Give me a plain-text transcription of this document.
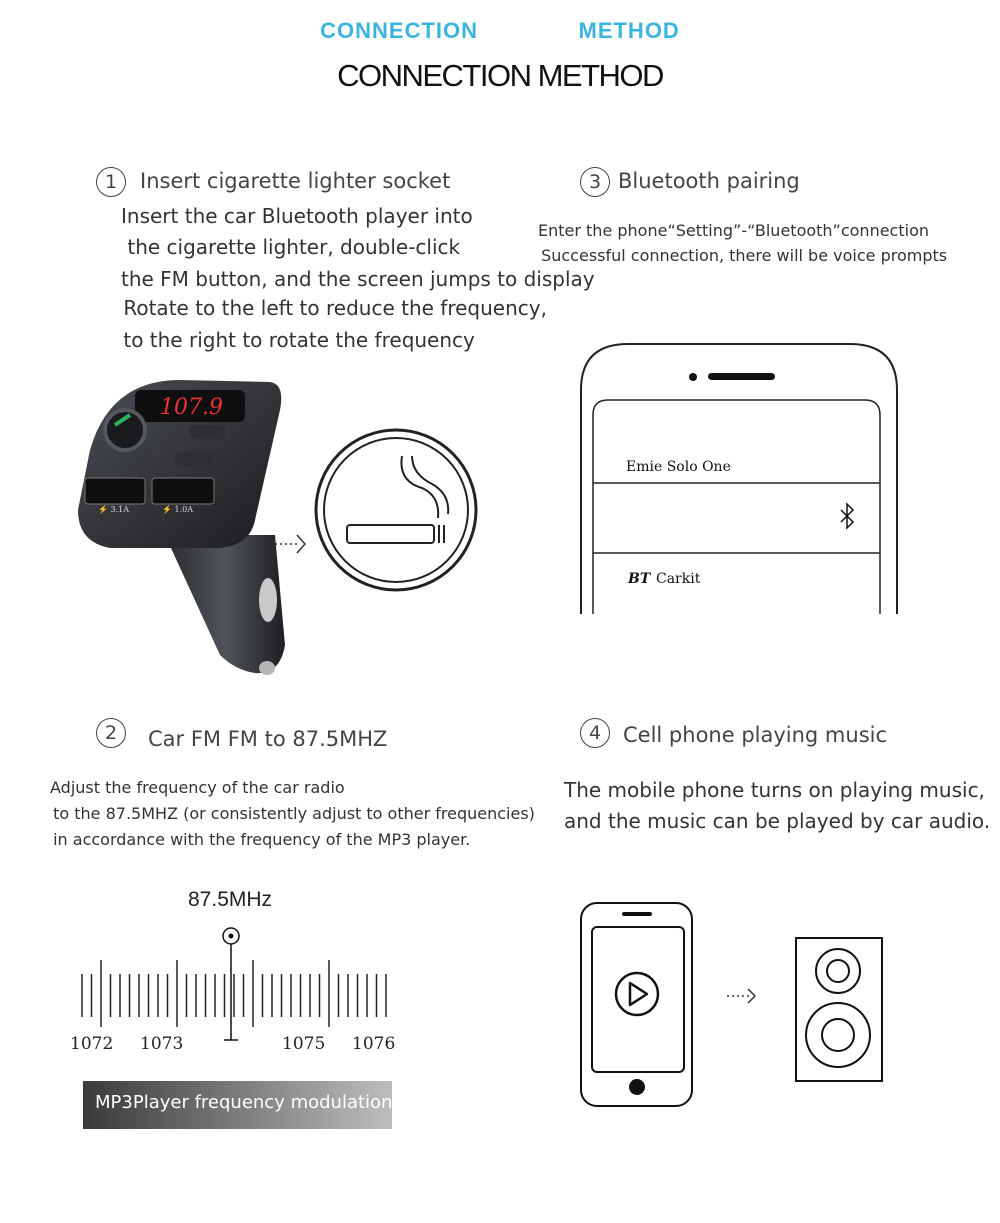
CONNECTION    METHOD
CONNECTION METHOD
1	Insert cigarette lighter socket
Insert the car Bluetooth player into
the cigarette lighter, double-click
the FM button, and the screen jumps to display
Rotate to the left to reduce the frequency,
to the right to rotate the frequency
3 Bluetooth pairing
Enter the phone“Setting”-“Bluetooth”connection
Successful connection, there will be voice prompts
107.9
⚡ 3.1A	⚡ 1.0A
Emie Solo One
BT Carkit
2	Car FM FM to 87.5MHZ
Adjust the frequency of the car radio
to the 87.5MHZ (or consistently adjust to other frequencies)
in accordance with the frequency of the MP3 player.
4	Cell phone playing music
The mobile phone turns on playing music,
and the music can be played by car audio.
87.5MHz
1072 1073	1075 1076
MP3Player frequency modulation
